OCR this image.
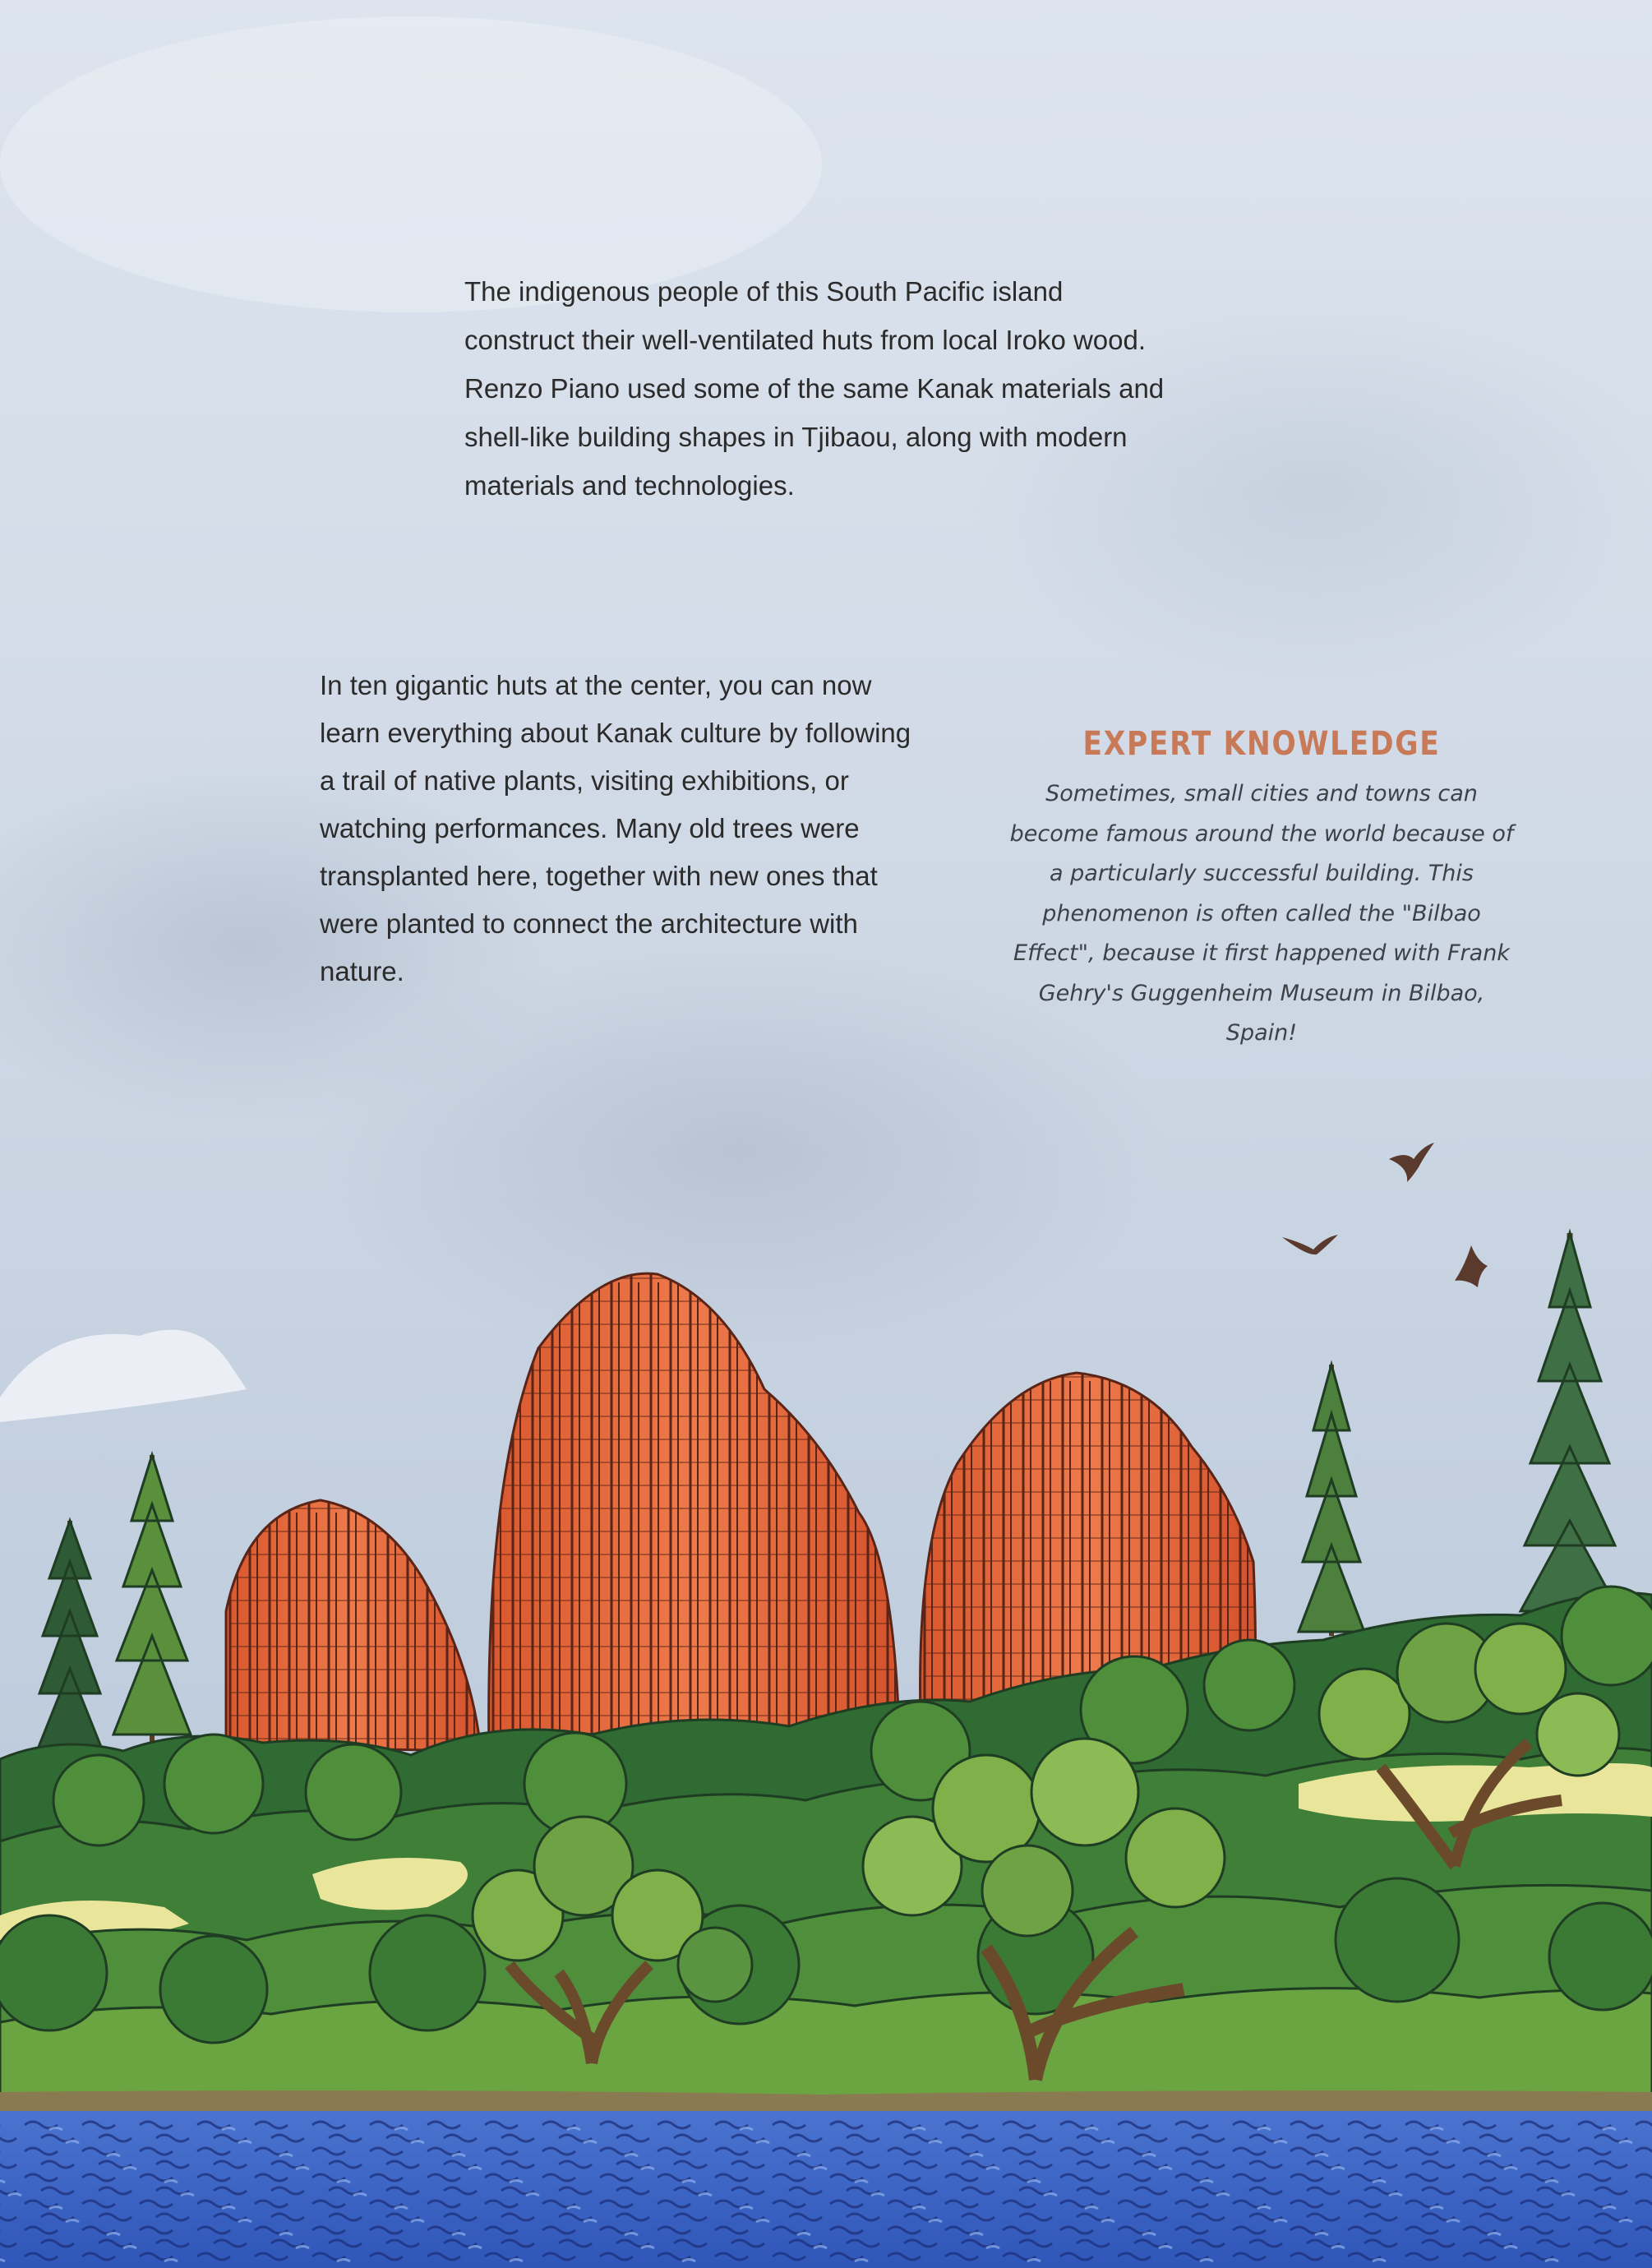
The indigenous people of this South Pacific island construct their well-ventilated huts from local Iroko wood. Renzo Piano used some of the same Kanak materials and shell-like building shapes in Tjibaou, along with modern materials and technologies.

In ten gigantic huts at the center, you can now learn everything about Kanak culture by following a trail of native plants, visiting exhibitions, or watching performances. Many old trees were transplanted here, together with new ones that were planted to connect the architecture with nature.

EXPERT KNOWLEDGE
Sometimes, small cities and towns can become famous around the world because of a particularly successful building. This phenomenon is often called the "Bilbao Effect", because it first happened with Frank Gehry's Guggenheim Museum in Bilbao, Spain!
